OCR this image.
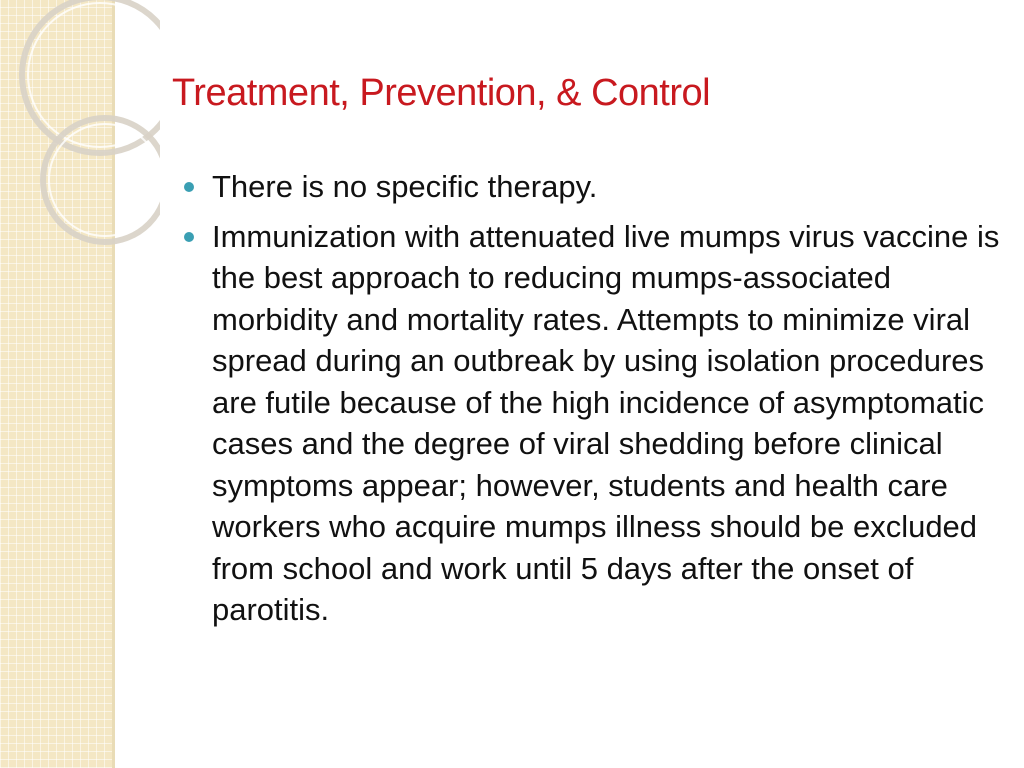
Treatment, Prevention, & Control
There is no specific therapy.
Immunization with attenuated live mumps virus vaccine is the best approach to reducing mumps-associated morbidity and mortality rates. Attempts to minimize viral spread during an outbreak by using isolation procedures are futile because of the high incidence of asymptomatic cases and the degree of viral shedding before clinical symptoms appear; however, students and health care workers who acquire mumps illness should be excluded from school and work until 5 days after the onset of parotitis.
